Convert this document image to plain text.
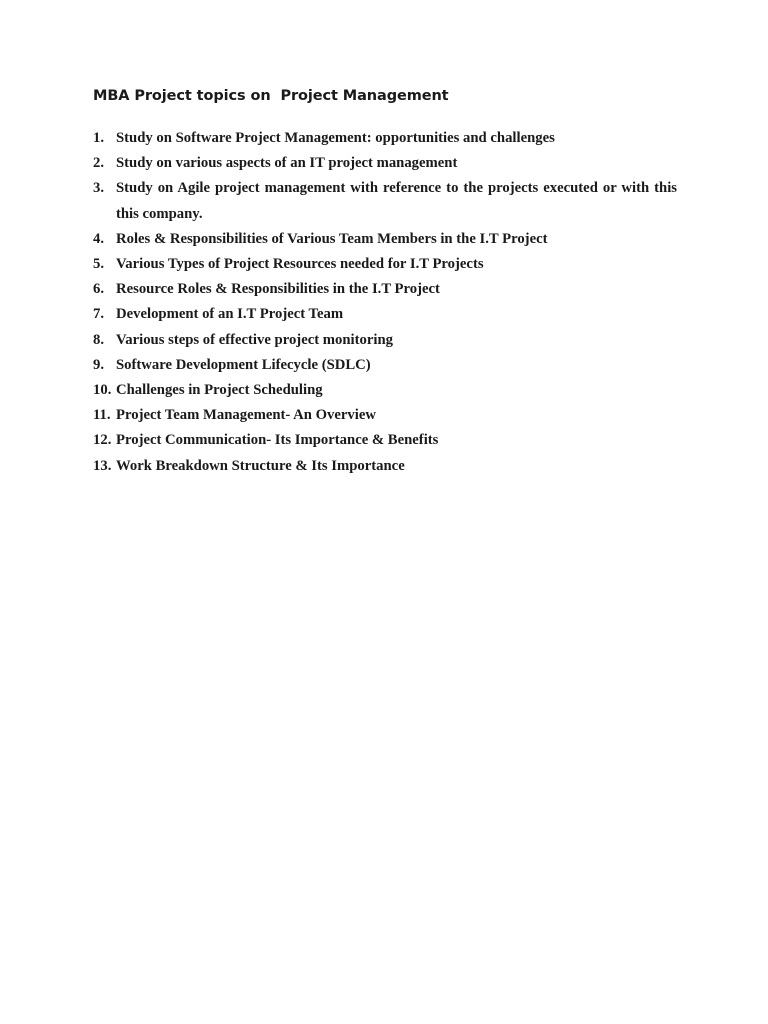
MBA Project topics on  Project Management
1. Study on Software Project Management: opportunities and challenges
2. Study on various aspects of an IT project management
3. Study on Agile project management with reference to the projects executed or with this this company.
4. Roles & Responsibilities of Various Team Members in the I.T Project
5. Various Types of Project Resources needed for I.T Projects
6. Resource Roles & Responsibilities in the I.T Project
7. Development of an I.T Project Team
8. Various steps of effective project monitoring
9. Software Development Lifecycle (SDLC)
10. Challenges in Project Scheduling
11. Project Team Management- An Overview
12. Project Communication- Its Importance & Benefits
13. Work Breakdown Structure & Its Importance
